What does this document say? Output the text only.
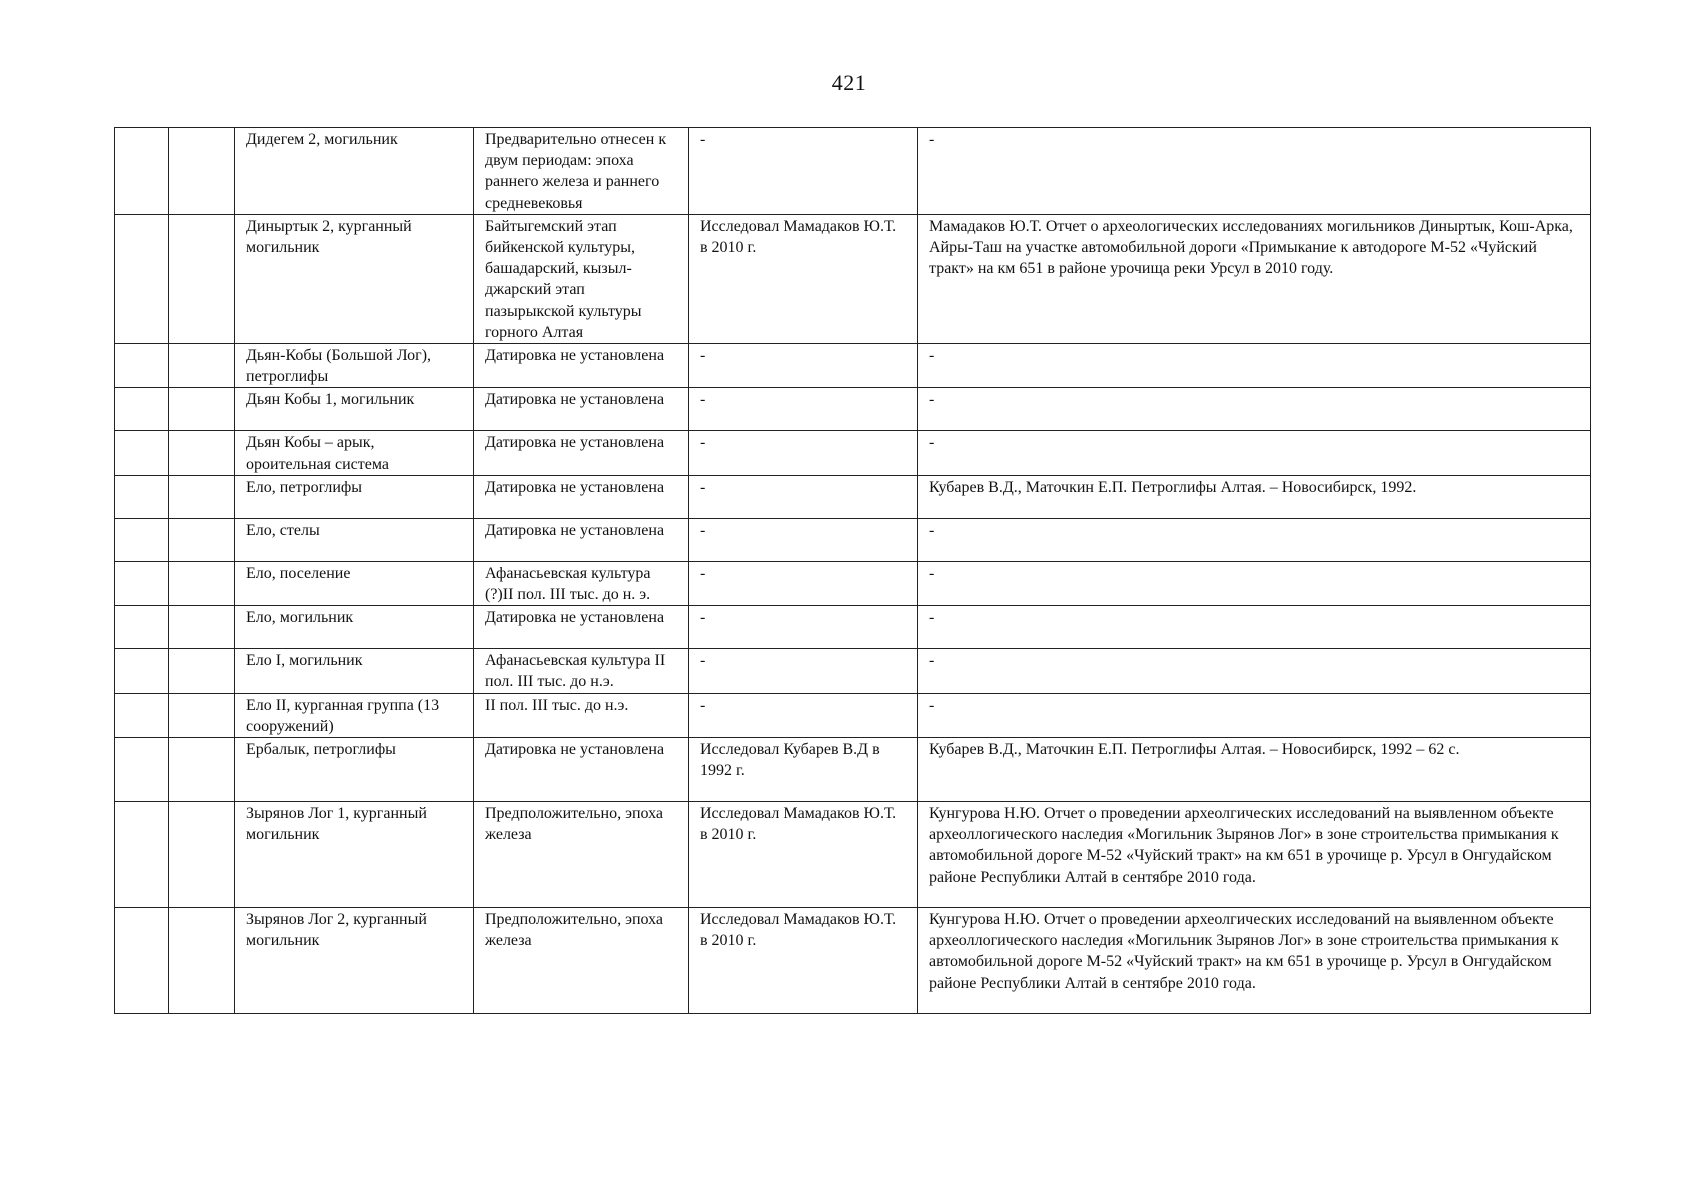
421
		Дидегем 2, могильник	Предварительно отнесен к двум периодам: эпоха раннего железа и раннего средневековья	-	-
		Диныртык 2, курганный могильник	Байтыгемский этап бийкенской культуры, башадарский, кызыл-джарский этап пазырыкской культуры горного Алтая	Исследовал Мамадаков Ю.Т. в 2010 г.	Мамадаков Ю.Т. Отчет о археологических исследованиях могильников Диныртык, Кош-Арка, Айры-Таш на участке автомобильной дороги «Примыкание к автодороге М-52 «Чуйский тракт» на км 651 в районе урочища реки Урсул в 2010 году.
		Дьян-Кобы (Большой Лог), петроглифы	Датировка не установлена	-	-
		Дьян Кобы 1, могильник	Датировка не установлена	-	-
		Дьян Кобы – арык, ороительная система	Датировка не установлена	-	-
		Ело, петроглифы	Датировка не установлена	-	Кубарев В.Д., Маточкин Е.П. Петроглифы Алтая. – Новосибирск, 1992.
		Ело, стелы	Датировка не установлена	-	-
		Ело, поселение	Афанасьевская культура (?)II пол. III тыс. до н. э.	-	-
		Ело, могильник	Датировка не установлена	-	-
		Ело I, могильник	Афанасьевская культура II пол. III тыс. до н.э.	-	-
		Ело II, курганная группа (13 сооружений)	II пол. III тыс. до н.э.	-	-
		Ербалык, петроглифы	Датировка не установлена	Исследовал Кубарев В.Д в 1992 г.	Кубарев В.Д., Маточкин Е.П. Петроглифы Алтая. – Новосибирск, 1992 – 62 с.
		Зырянов Лог 1, курганный могильник	Предположительно, эпоха железа	Исследовал Мамадаков Ю.Т. в 2010 г.	Кунгурова Н.Ю. Отчет о проведении археолгических исследований на выявленном объекте археоллогического наследия «Могильник Зырянов Лог» в зоне строительства примыкания к автомобильной дороге М-52 «Чуйский тракт» на км 651 в урочище р. Урсул в Онгудайском районе Республики Алтай в сентябре 2010 года.
		Зырянов Лог 2, курганный могильник	Предположительно, эпоха железа	Исследовал Мамадаков Ю.Т. в 2010 г.	Кунгурова Н.Ю. Отчет о проведении археолгических исследований на выявленном объекте археоллогического наследия «Могильник Зырянов Лог» в зоне строительства примыкания к автомобильной дороге М-52 «Чуйский тракт» на км 651 в урочище р. Урсул в Онгудайском районе Республики Алтай в сентябре 2010 года.
